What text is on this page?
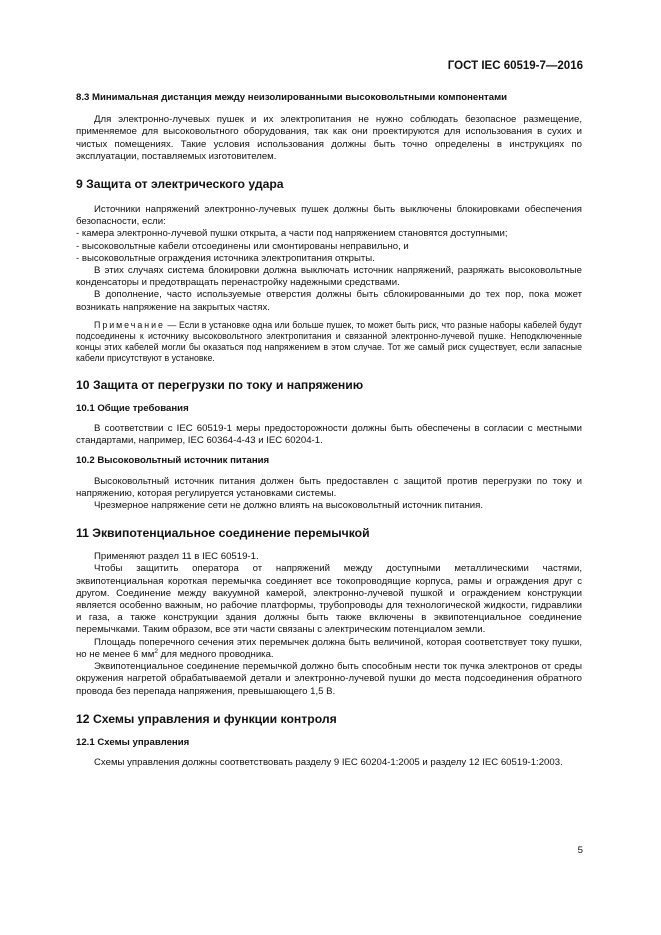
ГОСТ IEC 60519-7—2016

8.3 Минимальная дистанция между неизолированными высоковольтными компонентами

Для электронно-лучевых пушек и их электропитания не нужно соблюдать безопасное размещение, применяемое для высоковольтного оборудования, так как они проектируются для использования в сухих и чистых помещениях. Такие условия использования должны быть точно определены в инструкциях по эксплуатации, поставляемых изготовителем.

9 Защита от электрического удара

Источники напряжений электронно-лучевых пушек должны быть выключены блокировками обеспечения безопасности, если:

- камера электронно-лучевой пушки открыта, а части под напряжением становятся доступными;

- высоковольтные кабели отсоединены или смонтированы неправильно, и

- высоковольтные ограждения источника электропитания открыты.

В этих случаях система блокировки должна выключать источник напряжений, разряжать высоковольтные конденсаторы и предотвращать перенастройку надежными средствами.

В дополнение, часто используемые отверстия должны быть сблокированными до тех пор, пока может возникать напряжение на закрытых частях.

Примечание — Если в установке одна или больше пушек, то может быть риск, что разные наборы кабелей будут подсоединены к источнику высоковольтного электропитания и связанной электронно-лучевой пушке. Неподключенные концы этих кабелей могли бы оказаться под напряжением в этом случае. Тот же самый риск существует, если запасные кабели присутствуют в установке.

10 Защита от перегрузки по току и напряжению

10.1 Общие требования

В соответствии с IEC 60519-1 меры предосторожности должны быть обеспечены в согласии с местными стандартами, например, IEC 60364-4-43 и IEC 60204-1.

10.2 Высоковольтный источник питания

Высоковольтный источник питания должен быть предоставлен с защитой против перегрузки по току и напряжению, которая регулируется установками системы.

Чрезмерное напряжение сети не должно влиять на высоковольтный источник питания.

11 Эквипотенциальное соединение перемычкой

Применяют раздел 11 в IEC 60519-1.

Чтобы защитить оператора от напряжений между доступными металлическими частями, эквипотенциальная короткая перемычка соединяет все токопроводящие корпуса, рамы и ограждения друг с другом. Соединение между вакуумной камерой, электронно-лучевой пушкой и ограждением конструкции является особенно важным, но рабочие платформы, трубопроводы для технологической жидкости, гидравлики и газа, а также конструкции здания должны быть также включены в эквипотенциальное соединение перемычками. Таким образом, все эти части связаны с электрическим потенциалом земли.

Площадь поперечного сечения этих перемычек должна быть величиной, которая соответствует току пушки, но не менее 6 $мм^2$ для медного проводника.

Эквипотенциальное соединение перемычкой должно быть способным нести ток пучка электронов от среды окружения нагретой обрабатываемой детали и электронно-лучевой пушки до места подсоединения обратного провода без перепада напряжения, превышающего 1,5 В.

12 Схемы управления и функции контроля

12.1 Схемы управления

Схемы управления должны соответствовать разделу 9 IEC 60204-1:2005 и разделу 12 IEC 60519-1:2003.

5
